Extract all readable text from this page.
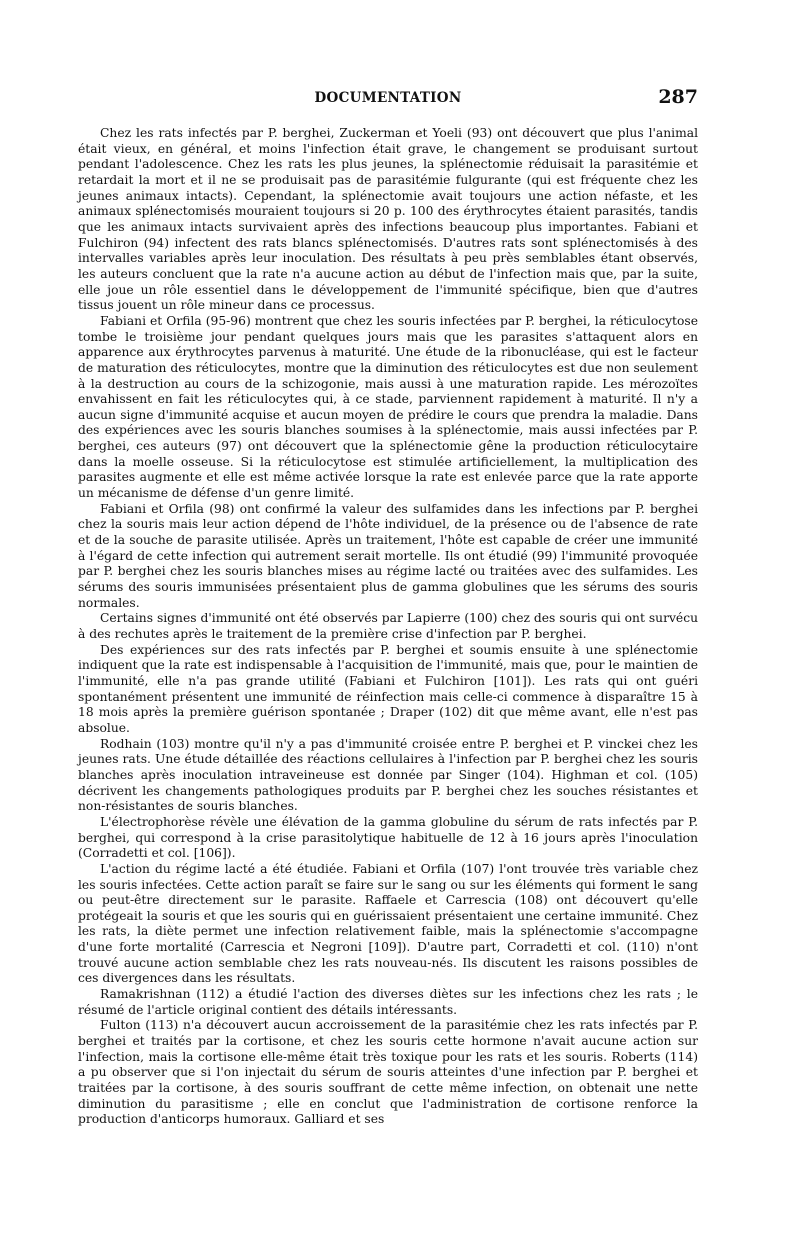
DOCUMENTATION	287

Chez les rats infectés par P. berghei, Zuckerman et Yoeli (93) ont découvert que plus l'animal était vieux, en général, et moins l'infection était grave, le changement se produisant surtout pendant l'adolescence. Chez les rats les plus jeunes, la splénectomie réduisait la parasitémie et retardait la mort et il ne se produisait pas de parasitémie fulgurante (qui est fréquente chez les jeunes animaux intacts). Cependant, la splénectomie avait toujours une action néfaste, et les animaux splénectomisés mouraient toujours si 20 p. 100 des érythrocytes étaient parasités, tandis que les animaux intacts survivaient après des infections beaucoup plus importantes. Fabiani et Fulchiron (94) infectent des rats blancs splénectomisés. D'autres rats sont splénectomisés à des intervalles variables après leur inoculation. Des résultats à peu près semblables étant observés, les auteurs concluent que la rate n'a aucune action au début de l'infection mais que, par la suite, elle joue un rôle essentiel dans le développement de l'immunité spécifique, bien que d'autres tissus jouent un rôle mineur dans ce processus.

Fabiani et Orfila (95-96) montrent que chez les souris infectées par P. berghei, la réticulocytose tombe le troisième jour pendant quelques jours mais que les parasites s'attaquent alors en apparence aux érythrocytes parvenus à maturité. Une étude de la ribonucléase, qui est le facteur de maturation des réticulocytes, montre que la diminution des réticulocytes est due non seulement à la destruction au cours de la schizogonie, mais aussi à une maturation rapide. Les mérozoïtes envahissent en fait les réticulocytes qui, à ce stade, parviennent rapidement à maturité. Il n'y a aucun signe d'immunité acquise et aucun moyen de prédire le cours que prendra la maladie. Dans des expériences avec les souris blanches soumises à la splénectomie, mais aussi infectées par P. berghei, ces auteurs (97) ont découvert que la splénectomie gêne la production réticulocytaire dans la moelle osseuse. Si la réticulocytose est stimulée artificiellement, la multiplication des parasites augmente et elle est même activée lorsque la rate est enlevée parce que la rate apporte un mécanisme de défense d'un genre limité.

Fabiani et Orfila (98) ont confirmé la valeur des sulfamides dans les infections par P. berghei chez la souris mais leur action dépend de l'hôte individuel, de la présence ou de l'absence de rate et de la souche de parasite utilisée. Après un traitement, l'hôte est capable de créer une immunité à l'égard de cette infection qui autrement serait mortelle. Ils ont étudié (99) l'immunité provoquée par P. berghei chez les souris blanches mises au régime lacté ou traitées avec des sulfamides. Les sérums des souris immunisées présentaient plus de gamma globulines que les sérums des souris normales.

Certains signes d'immunité ont été observés par Lapierre (100) chez des souris qui ont survécu à des rechutes après le traitement de la première crise d'infection par P. berghei.

Des expériences sur des rats infectés par P. berghei et soumis ensuite à une splénectomie indiquent que la rate est indispensable à l'acquisition de l'immunité, mais que, pour le maintien de l'immunité, elle n'a pas grande utilité (Fabiani et Fulchiron [101]). Les rats qui ont guéri spontanément présentent une immunité de réinfection mais celle-ci commence à disparaître 15 à 18 mois après la première guérison spontanée ; Draper (102) dit que même avant, elle n'est pas absolue.

Rodhain (103) montre qu'il n'y a pas d'immunité croisée entre P. berghei et P. vinckei chez les jeunes rats. Une étude détaillée des réactions cellulaires à l'infection par P. berghei chez les souris blanches après inoculation intraveineuse est donnée par Singer (104). Highman et col. (105) décrivent les changements pathologiques produits par P. berghei chez les souches résistantes et non-résistantes de souris blanches.

L'électrophorèse révèle une élévation de la gamma globuline du sérum de rats infectés par P. berghei, qui correspond à la crise parasitolytique habituelle de 12 à 16 jours après l'inoculation (Corradetti et col. [106]).

L'action du régime lacté a été étudiée. Fabiani et Orfila (107) l'ont trouvée très variable chez les souris infectées. Cette action paraît se faire sur le sang ou sur les éléments qui forment le sang ou peut-être directement sur le parasite. Raffaele et Carrescia (108) ont découvert qu'elle protégeait la souris et que les souris qui en guérissaient présentaient une certaine immunité. Chez les rats, la diète permet une infection relativement faible, mais la splénectomie s'accompagne d'une forte mortalité (Carrescia et Negroni [109]). D'autre part, Corradetti et col. (110) n'ont trouvé aucune action semblable chez les rats nouveau-nés. Ils discutent les raisons possibles de ces divergences dans les résultats.

Ramakrishnan (112) a étudié l'action des diverses diètes sur les infections chez les rats ; le résumé de l'article original contient des détails intéressants.

Fulton (113) n'a découvert aucun accroissement de la parasitémie chez les rats infectés par P. berghei et traités par la cortisone, et chez les souris cette hormone n'avait aucune action sur l'infection, mais la cortisone elle-même était très toxique pour les rats et les souris. Roberts (114) a pu observer que si l'on injectait du sérum de souris atteintes d'une infection par P. berghei et traitées par la cortisone, à des souris souffrant de cette même infection, on obtenait une nette diminution du parasitisme ; elle en conclut que l'administration de cortisone renforce la production d'anticorps humoraux. Galliard et ses
